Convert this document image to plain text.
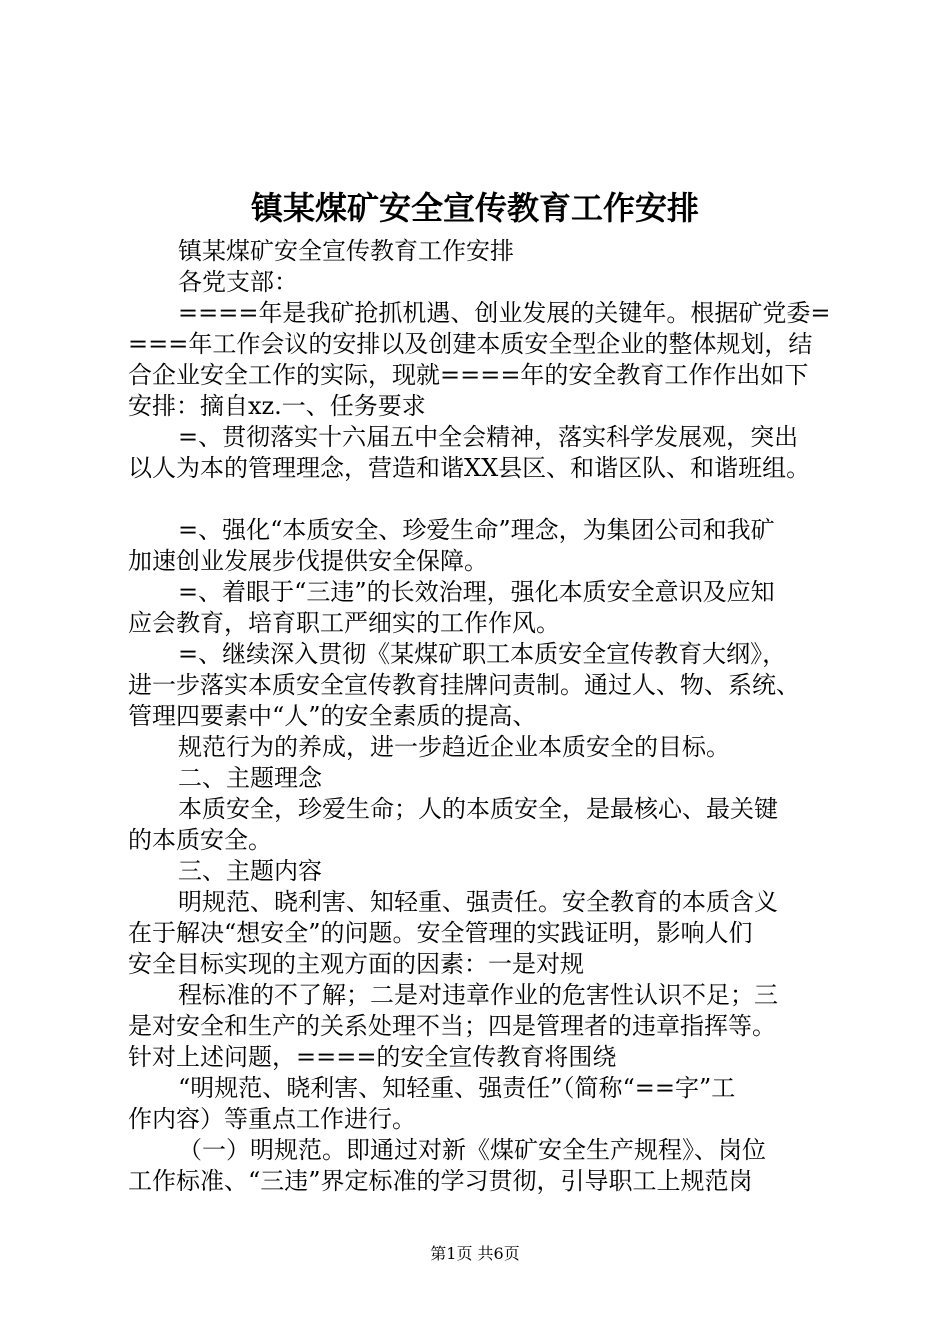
镇某煤矿安全宣传教育工作安排
镇某煤矿安全宣传教育工作安排
各党支部：
====年是我矿抢抓机遇、创业发展的关键年。根据矿党委=
===年工作会议的安排以及创建本质安全型企业的整体规划，结
合企业安全工作的实际，现就====年的安全教育工作作出如下
安排：摘自xz.一、任务要求
=、贯彻落实十六届五中全会精神，落实科学发展观，突出
以人为本的管理理念，营造和谐XX县区、和谐区队、和谐班组。
=、强化“本质安全、珍爱生命”理念，为集团公司和我矿
加速创业发展步伐提供安全保障。
=、着眼于“三违”的长效治理，强化本质安全意识及应知
应会教育，培育职工严细实的工作作风。
=、继续深入贯彻《某煤矿职工本质安全宣传教育大纲》，
进一步落实本质安全宣传教育挂牌问责制。通过人、物、系统、
管理四要素中“人”的安全素质的提高、
规范行为的养成，进一步趋近企业本质安全的目标。
二、主题理念
本质安全，珍爱生命；人的本质安全，是最核心、最关键
的本质安全。
三、主题内容
明规范、晓利害、知轻重、强责任。安全教育的本质含义
在于解决“想安全”的问题。安全管理的实践证明，影响人们
安全目标实现的主观方面的因素：一是对规
程标准的不了解；二是对违章作业的危害性认识不足；三
是对安全和生产的关系处理不当；四是管理者的违章指挥等。
针对上述问题，====的安全宣传教育将围绕
“明规范、晓利害、知轻重、强责任”（简称“==字”工
作内容）等重点工作进行。
（一）明规范。即通过对新《煤矿安全生产规程》、岗位
工作标准、“三违”界定标准的学习贯彻，引导职工上规范岗
第1页 共6页
